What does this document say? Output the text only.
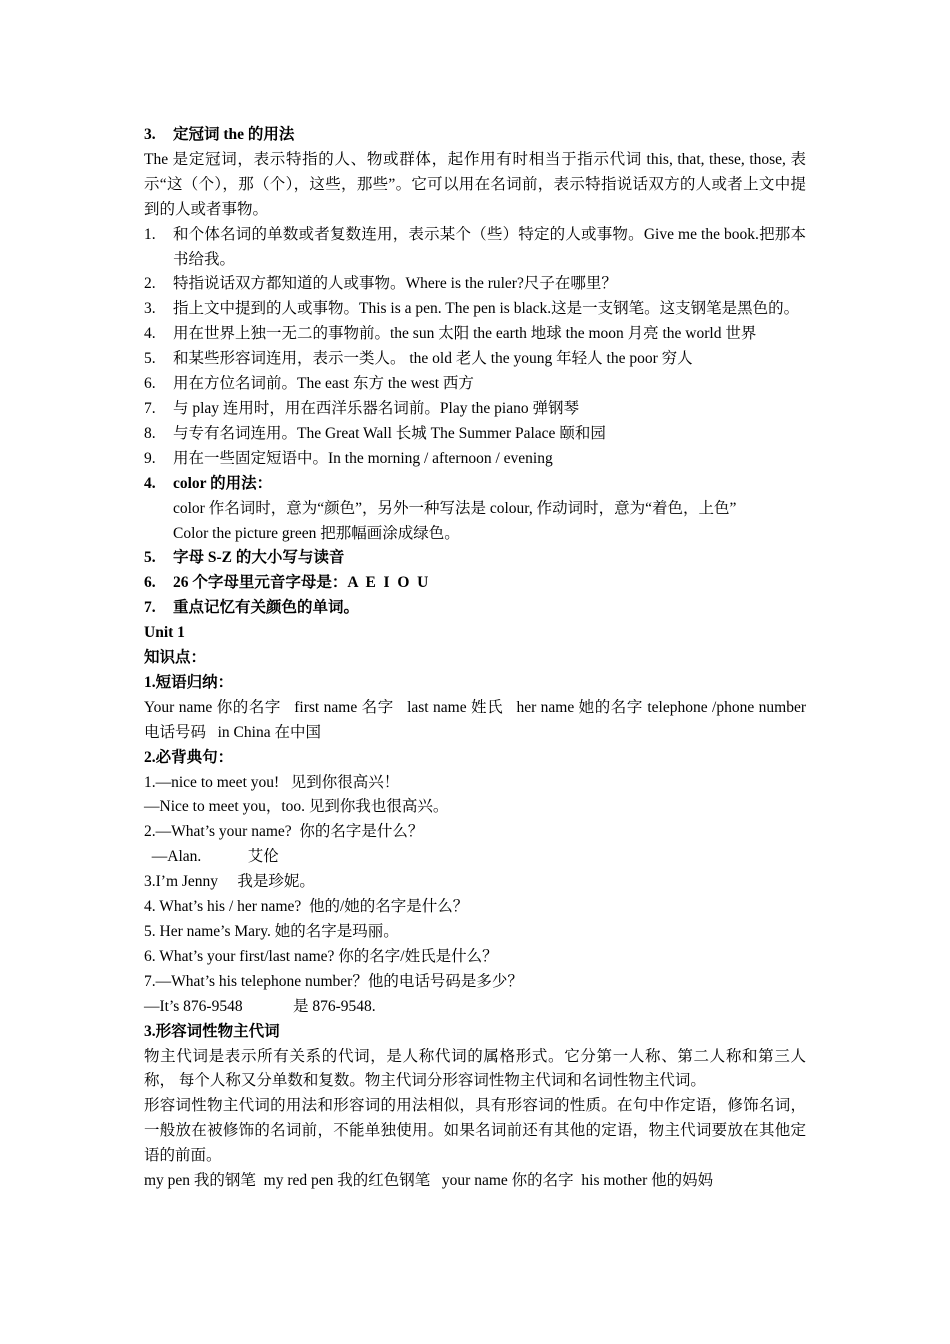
3. 定冠词 the 的用法
The 是定冠词，表示特指的人、物或群体，起作用有时相当于指示代词 this, that, these, those, 表示“这（个），那（个），这些，那些”。它可以用在名词前，表示特指说话双方的人或者上文中提到的人或者事物。
1.	和个体名词的单数或者复数连用，表示某个（些）特定的人或事物。Give me the book.把那本书给我。
2.	特指说话双方都知道的人或事物。Where is the ruler?尺子在哪里？
3.	指上文中提到的人或事物。This is a pen. The pen is black.这是一支钢笔。这支钢笔是黑色的。
4.	用在世界上独一无二的事物前。the sun 太阳 the earth 地球 the moon 月亮 the world 世界
5.	和某些形容词连用，表示一类人。 the old 老人 the young 年轻人 the poor 穷人
6.	用在方位名词前。The east 东方 the west 西方
7.	与 play 连用时，用在西洋乐器名词前。Play the piano 弹钢琴
8.	与专有名词连用。The Great Wall 长城 The Summer Palace 颐和园
9.	用在一些固定短语中。In the morning / afternoon / evening
4. color 的用法：
color 作名词时，意为“颜色”，另外一种写法是 colour, 作动词时，意为“着色，上色”
Color the picture green 把那幅画涂成绿色。
5. 字母 S-Z 的大小写与读音
6. 26 个字母里元音字母是：A  E  I  O  U
7. 重点记忆有关颜色的单词。
Unit 1
知识点：
1.短语归纳：
Your name 你的名字   first name 名字   last name 姓氏   her name 她的名字 telephone /phone number 电话号码   in China 在中国
2.必背典句：
1.—nice to meet you!   见到你很高兴！
—Nice to meet you，too. 见到你我也很高兴。
2.—What’s your name?  你的名字是什么？
—Alan.            艾伦
3.I’m Jenny     我是珍妮。
4. What’s his / her name?  他的/她的名字是什么？
5. Her name’s Mary. 她的名字是玛丽。
6. What’s your first/last name? 你的名字/姓氏是什么？
7.—What’s his telephone number？他的电话号码是多少？
—It’s 876-9548             是 876-9548.
3.形容词性物主代词
物主代词是表示所有关系的代词，是人称代词的属格形式。它分第一人称、第二人称和第三人称， 每个人称又分单数和复数。物主代词分形容词性物主代词和名词性物主代词。
形容词性物主代词的用法和形容词的用法相似，具有形容词的性质。在句中作定语，修饰名词，一般放在被修饰的名词前，不能单独使用。如果名词前还有其他的定语，物主代词要放在其他定语的前面。
my pen 我的钢笔  my red pen 我的红色钢笔   your name 你的名字  his mother 他的妈妈
